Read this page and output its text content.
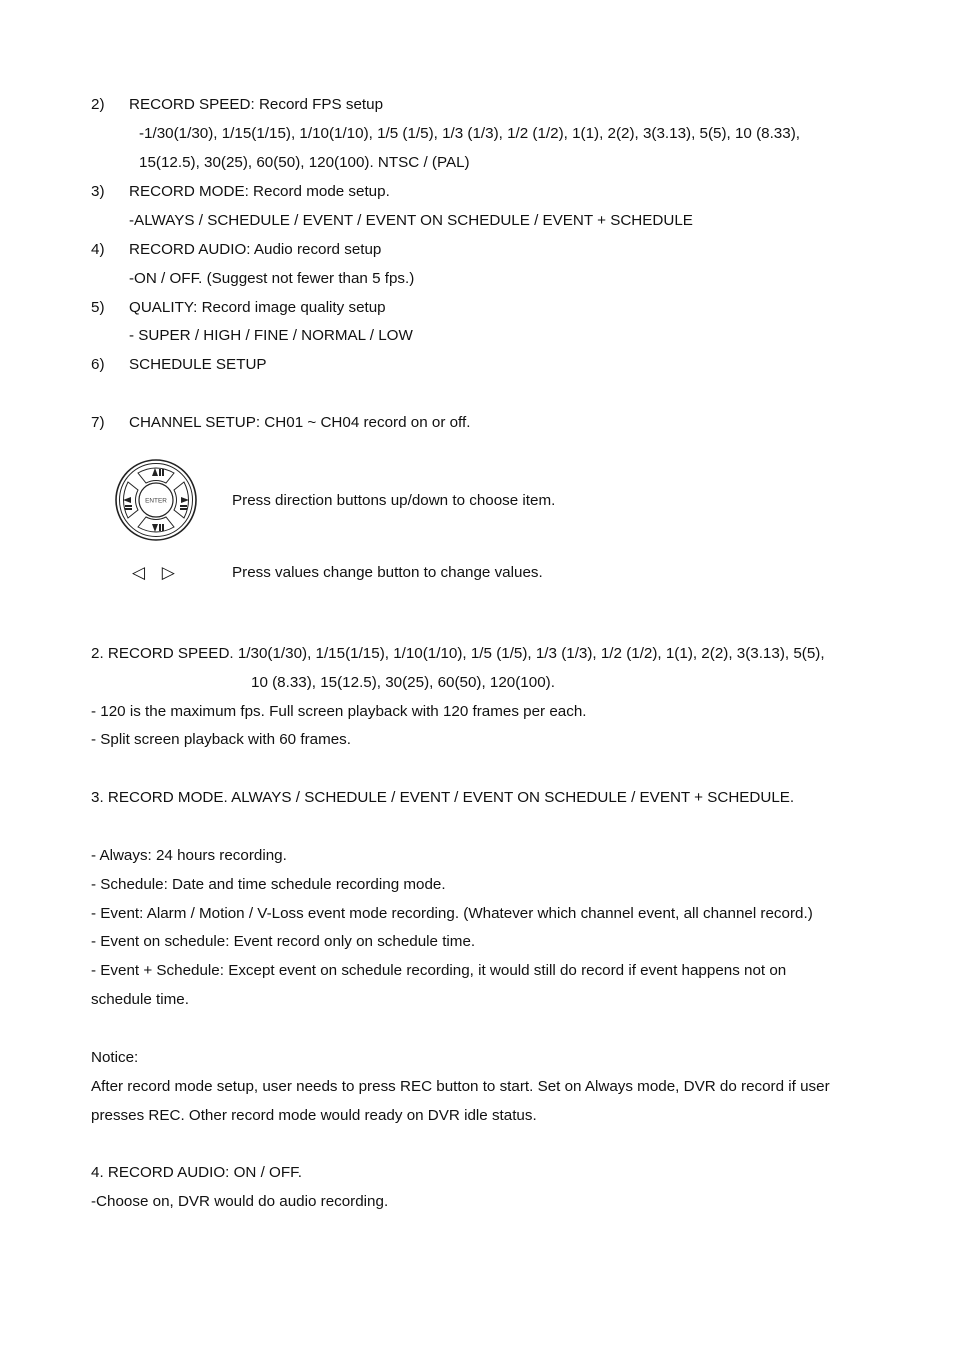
2) RECORD SPEED: Record FPS setup
-1/30(1/30), 1/15(1/15), 1/10(1/10), 1/5 (1/5), 1/3 (1/3), 1/2 (1/2), 1(1), 2(2), 3(3.13), 5(5), 10 (8.33),
15(12.5), 30(25), 60(50), 120(100). NTSC / (PAL)
3) RECORD MODE: Record mode setup.
-ALWAYS / SCHEDULE / EVENT / EVENT ON SCHEDULE / EVENT + SCHEDULE
4) RECORD AUDIO: Audio record setup
-ON / OFF. (Suggest not fewer than 5 fps.)
5) QUALITY: Record image quality setup
- SUPER / HIGH / FINE / NORMAL / LOW
6) SCHEDULE SETUP
7) CHANNEL SETUP: CH01 ~ CH04 record on or off.
ENTER	Press direction buttons up/down to choose item.
◁ ▷	Press values change button to change values.
2. RECORD SPEED. 1/30(1/30), 1/15(1/15), 1/10(1/10), 1/5 (1/5), 1/3 (1/3), 1/2 (1/2), 1(1), 2(2), 3(3.13), 5(5),
10 (8.33), 15(12.5), 30(25), 60(50), 120(100).
- 120 is the maximum fps. Full screen playback with 120 frames per each.
- Split screen playback with 60 frames.
3. RECORD MODE. ALWAYS / SCHEDULE / EVENT / EVENT ON SCHEDULE / EVENT + SCHEDULE.
- Always: 24 hours recording.
- Schedule: Date and time schedule recording mode.
- Event: Alarm / Motion / V-Loss event mode recording. (Whatever which channel event, all channel record.)
- Event on schedule: Event record only on schedule time.
- Event + Schedule: Except event on schedule recording, it would still do record if event happens not on
schedule time.
Notice:
After record mode setup, user needs to press REC button to start. Set on Always mode, DVR do record if user
presses REC. Other record mode would ready on DVR idle status.
4. RECORD AUDIO: ON / OFF.
-Choose on, DVR would do audio recording.
